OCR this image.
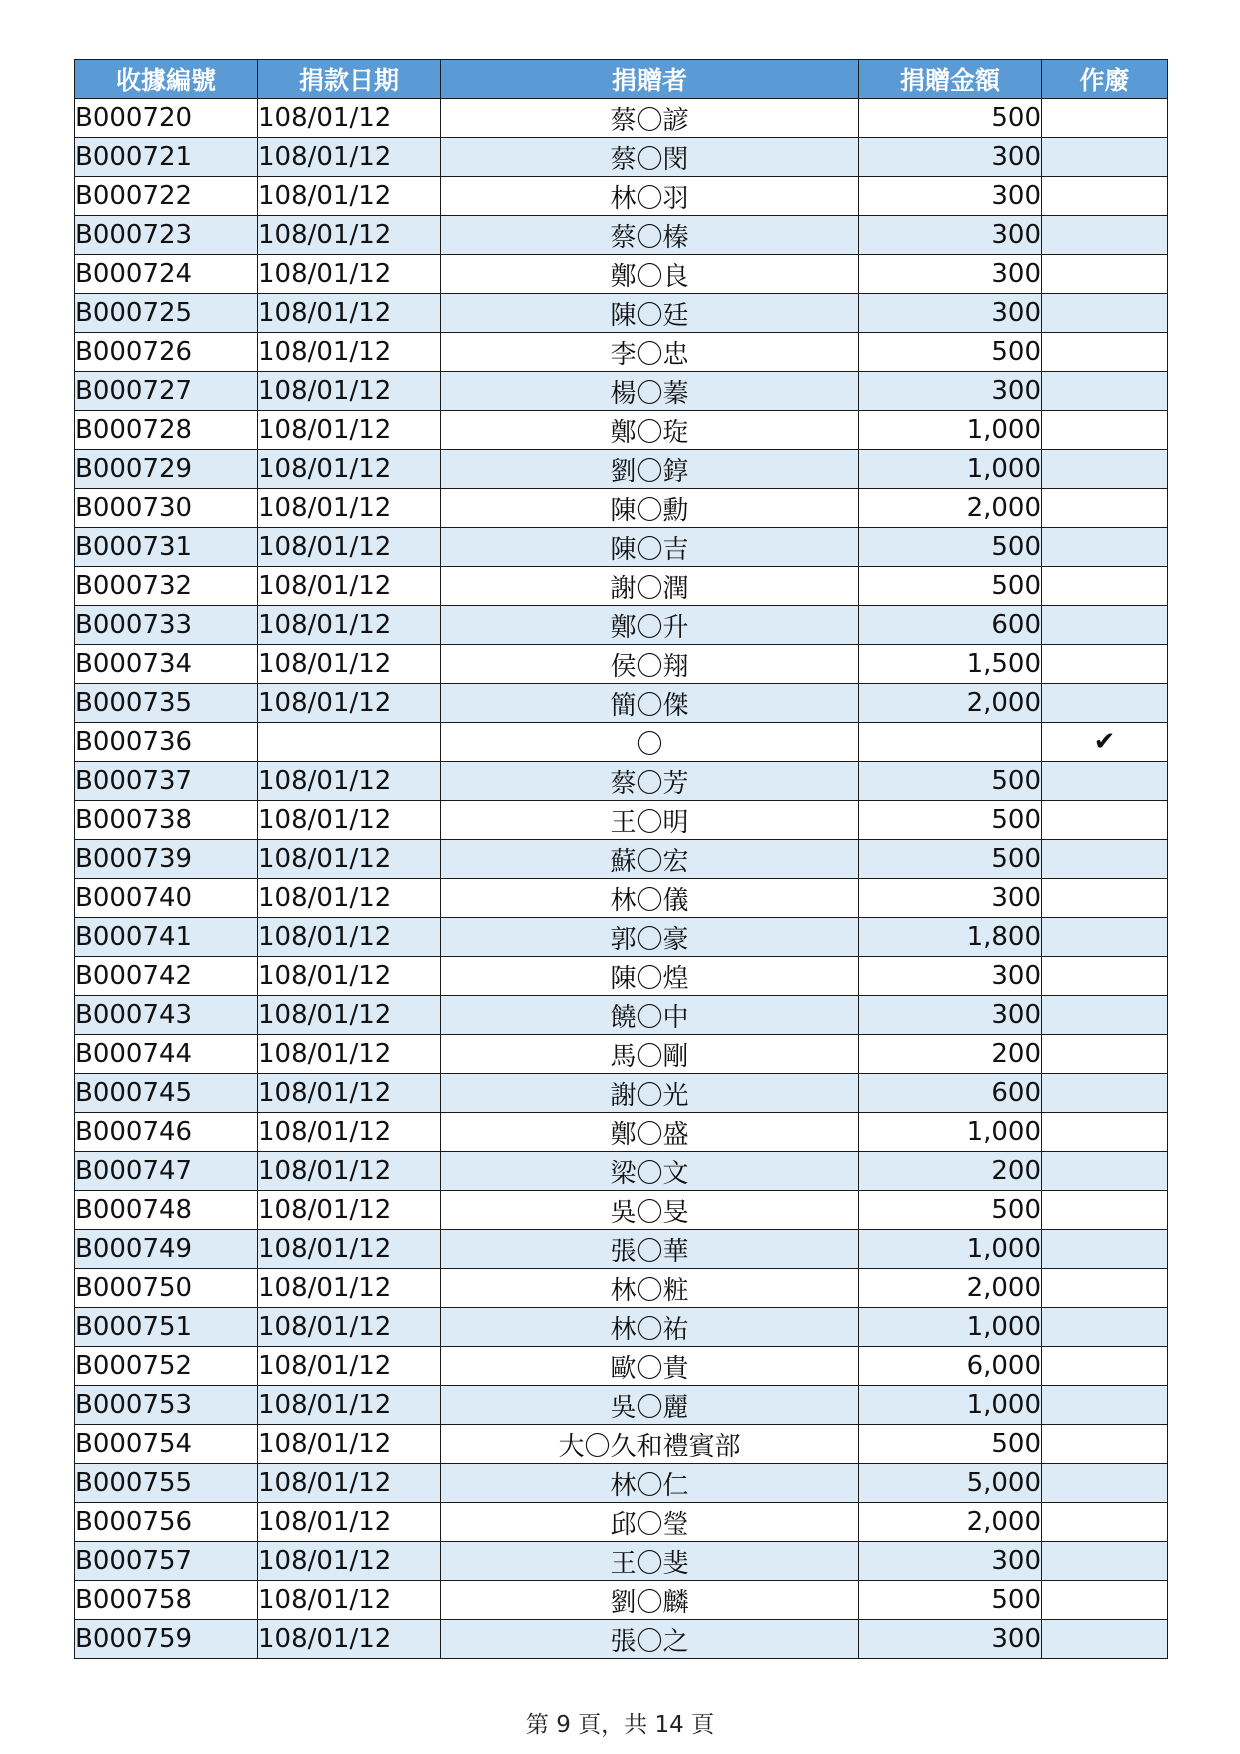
收據編號	捐款日期	捐贈者	捐贈金額	作廢
B000720	108/01/12	蔡〇諺	500	
B000721	108/01/12	蔡〇閔	300	
B000722	108/01/12	林〇羽	300	
B000723	108/01/12	蔡〇榛	300	
B000724	108/01/12	鄭〇良	300	
B000725	108/01/12	陳〇廷	300	
B000726	108/01/12	李〇忠	500	
B000727	108/01/12	楊〇蓁	300	
B000728	108/01/12	鄭〇琁	1,000	
B000729	108/01/12	劉〇錞	1,000	
B000730	108/01/12	陳〇勳	2,000	
B000731	108/01/12	陳〇吉	500	
B000732	108/01/12	謝〇潤	500	
B000733	108/01/12	鄭〇升	600	
B000734	108/01/12	侯〇翔	1,500	
B000735	108/01/12	簡〇傑	2,000	
B000736		〇		✔
B000737	108/01/12	蔡〇芳	500	
B000738	108/01/12	王〇明	500	
B000739	108/01/12	蘇〇宏	500	
B000740	108/01/12	林〇儀	300	
B000741	108/01/12	郭〇豪	1,800	
B000742	108/01/12	陳〇煌	300	
B000743	108/01/12	饒〇中	300	
B000744	108/01/12	馬〇剛	200	
B000745	108/01/12	謝〇光	600	
B000746	108/01/12	鄭〇盛	1,000	
B000747	108/01/12	梁〇文	200	
B000748	108/01/12	吳〇旻	500	
B000749	108/01/12	張〇華	1,000	
B000750	108/01/12	林〇粧	2,000	
B000751	108/01/12	林〇祐	1,000	
B000752	108/01/12	歐〇貴	6,000	
B000753	108/01/12	吳〇麗	1,000	
B000754	108/01/12	大〇久和禮賓部	500	
B000755	108/01/12	林〇仁	5,000	
B000756	108/01/12	邱〇瑩	2,000	
B000757	108/01/12	王〇斐	300	
B000758	108/01/12	劉〇麟	500	
B000759	108/01/12	張〇之	300	
第 9 頁，共 14 頁
